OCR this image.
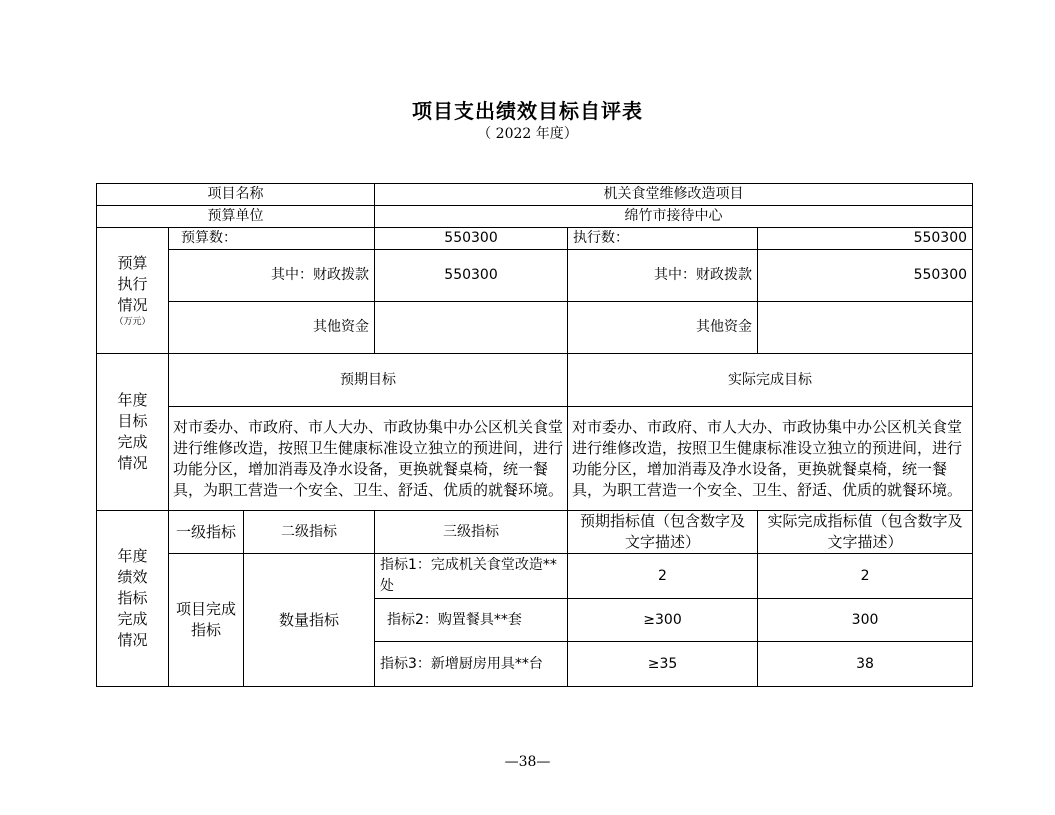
项目支出绩效目标自评表
（ 2022 年度）
项目名称			机关食堂维修改造项目		
预算单位			绵竹市接待中心		
预算
执行
情况
（万元）	预算数：		550300	执行数：	550300
	其中：财政拨款		550300	其中：财政拨款	550300
	其他资金			其他资金	
年度
目标
完成
情况	预期目标			实际完成目标	
	对市委办、市政府、市人大办、市政协集中办公区机关食堂进行维修改造，按照卫生健康标准设立独立的预进间，进行功能分区，增加消毒及净水设备，更换就餐桌椅，统一餐具，为职工营造一个安全、卫生、舒适、优质的就餐环境。			对市委办、市政府、市人大办、市政协集中办公区机关食堂进行维修改造，按照卫生健康标准设立独立的预进间，进行功能分区，增加消毒及净水设备，更换就餐桌椅，统一餐具，为职工营造一个安全、卫生、舒适、优质的就餐环境。	
年度
绩效
指标
完成
情况	一级指标	二级指标	三级指标	预期指标值（包含数字及文字描述）	实际完成指标值（包含数字及文字描述）
	项目完成指标	数量指标	指标1：完成机关食堂改造**处	2	2
			指标2：购置餐具**套	≥300	300
			指标3：新增厨房用具**台	≥35	38
—38—
